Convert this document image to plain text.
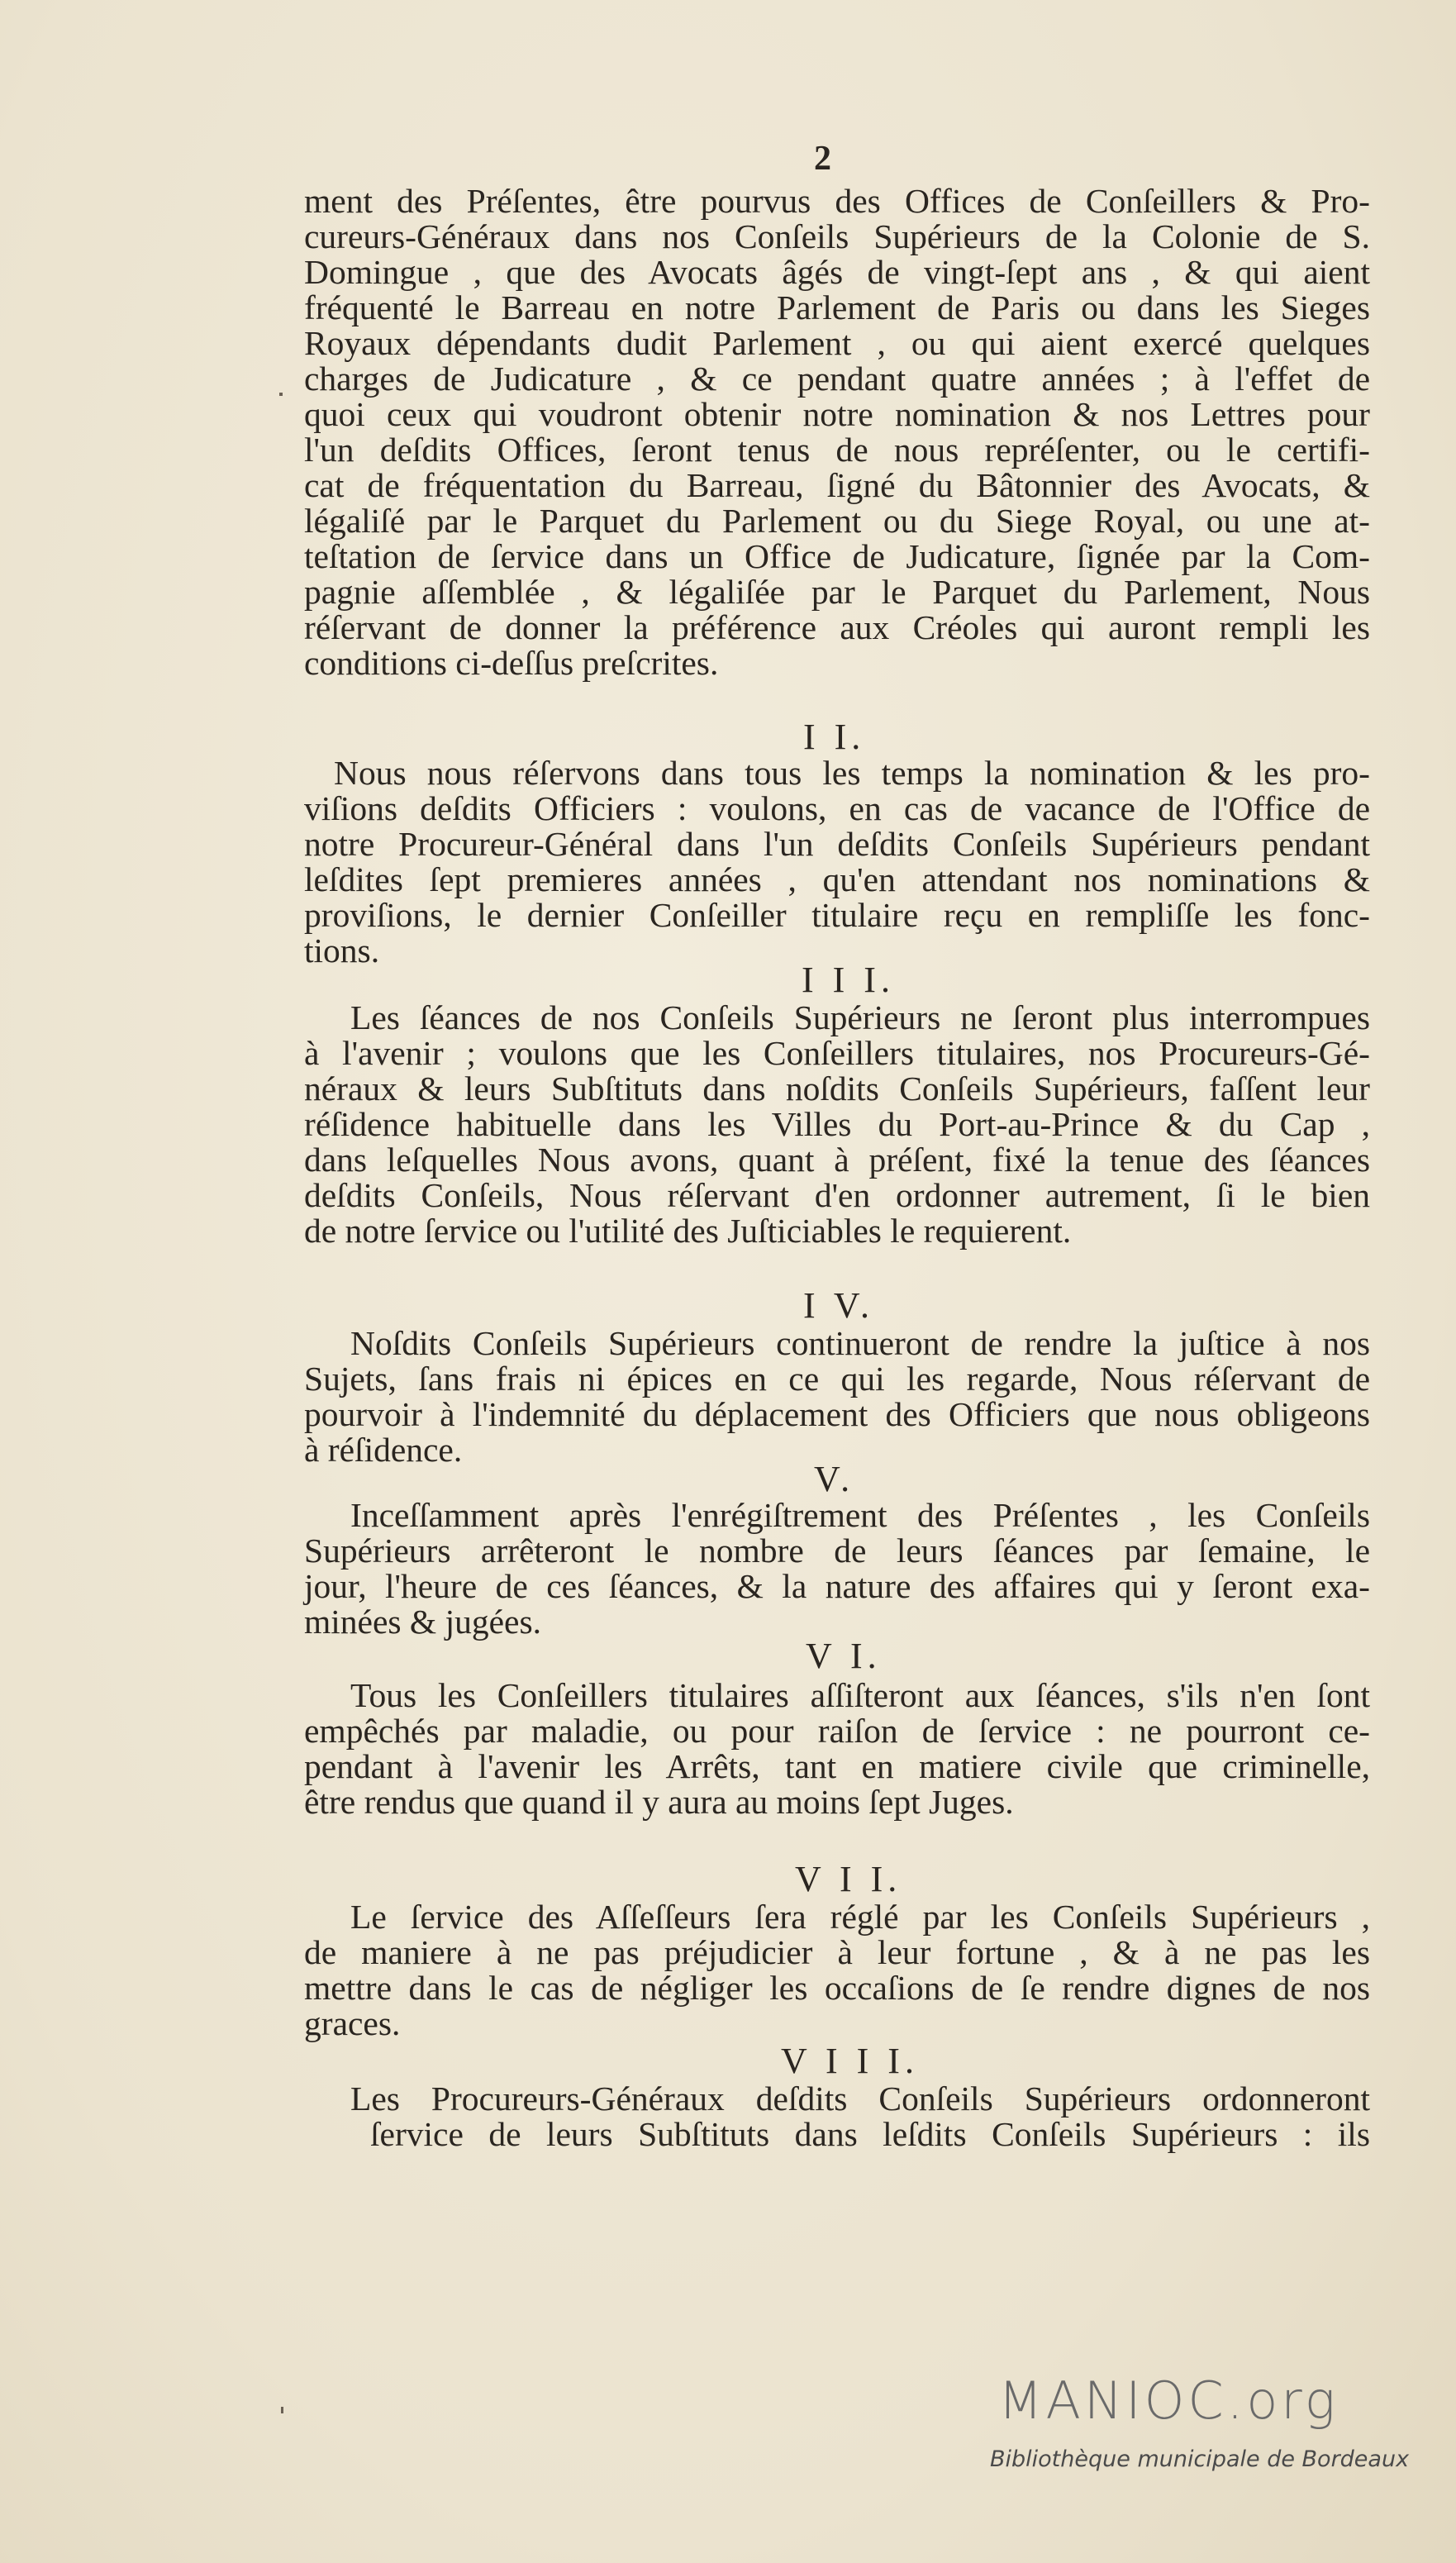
2
ment des Préſentes, être pourvus des Offices de Conſeillers & Pro-
cureurs-Généraux dans nos Conſeils Supérieurs de la Colonie de S.
Domingue , que des Avocats âgés de vingt-ſept ans , & qui aient
fréquenté le Barreau en notre Parlement de Paris ou dans les Sieges
Royaux dépendants dudit Parlement , ou qui aient exercé quelques
charges de Judicature , & ce pendant quatre années ; à l'effet de
quoi ceux qui voudront obtenir notre nomination & nos Lettres pour
l'un deſdits Offices, ſeront tenus de nous repréſenter, ou le certifi-
cat de fréquentation du Barreau, ſigné du Bâtonnier des Avocats, &
légaliſé par le Parquet du Parlement ou du Siege Royal, ou une at-
teſtation de ſervice dans un Office de Judicature, ſignée par la Com-
pagnie aſſemblée , & légaliſée par le Parquet du Parlement, Nous
réſervant de donner la préférence aux Créoles qui auront rempli les
conditions ci-deſſus preſcrites.
I I.
Nous nous réſervons dans tous les temps la nomination & les pro-
viſions deſdits Officiers : voulons, en cas de vacance de l'Office de
notre Procureur-Général dans l'un deſdits Conſeils Supérieurs pendant
leſdites ſept premieres années , qu'en attendant nos nominations &
proviſions, le dernier Conſeiller titulaire reçu en rempliſſe les fonc-
tions.
I I I.
Les ſéances de nos Conſeils Supérieurs ne ſeront plus interrompues
à l'avenir ; voulons que les Conſeillers titulaires, nos Procureurs-Gé-
néraux & leurs Subſtituts dans noſdits Conſeils Supérieurs, faſſent leur
réſidence habituelle dans les Villes du Port-au-Prince & du Cap ,
dans leſquelles Nous avons, quant à préſent, fixé la tenue des ſéances
deſdits Conſeils, Nous réſervant d'en ordonner autrement, ſi le bien
de notre ſervice ou l'utilité des Juſticiables le requierent.
I V.
Noſdits Conſeils Supérieurs continueront de rendre la juſtice à nos
Sujets, ſans frais ni épices en ce qui les regarde, Nous réſervant de
pourvoir à l'indemnité du déplacement des Officiers que nous obligeons
à réſidence.
V.
Inceſſamment après l'enrégiſtrement des Préſentes , les Conſeils
Supérieurs arrêteront le nombre de leurs ſéances par ſemaine, le
jour, l'heure de ces ſéances, & la nature des affaires qui y ſeront exa-
minées & jugées.
V I.
Tous les Conſeillers titulaires aſſiſteront aux ſéances, s'ils n'en ſont
empêchés par maladie, ou pour raiſon de ſervice : ne pourront ce-
pendant à l'avenir les Arrêts, tant en matiere civile que criminelle,
être rendus que quand il y aura au moins ſept Juges.
V I I.
Le ſervice des Aſſeſſeurs ſera réglé par les Conſeils Supérieurs ,
de maniere à ne pas préjudicier à leur fortune , & à ne pas les
mettre dans le cas de négliger les occaſions de ſe rendre dignes de nos
graces.
V I I I.
Les Procureurs-Généraux deſdits Conſeils Supérieurs ordonneront
ſervice de leurs Subſtituts dans leſdits Conſeils Supérieurs : ils
MANIOC.org
Bibliothèque municipale de Bordeaux
